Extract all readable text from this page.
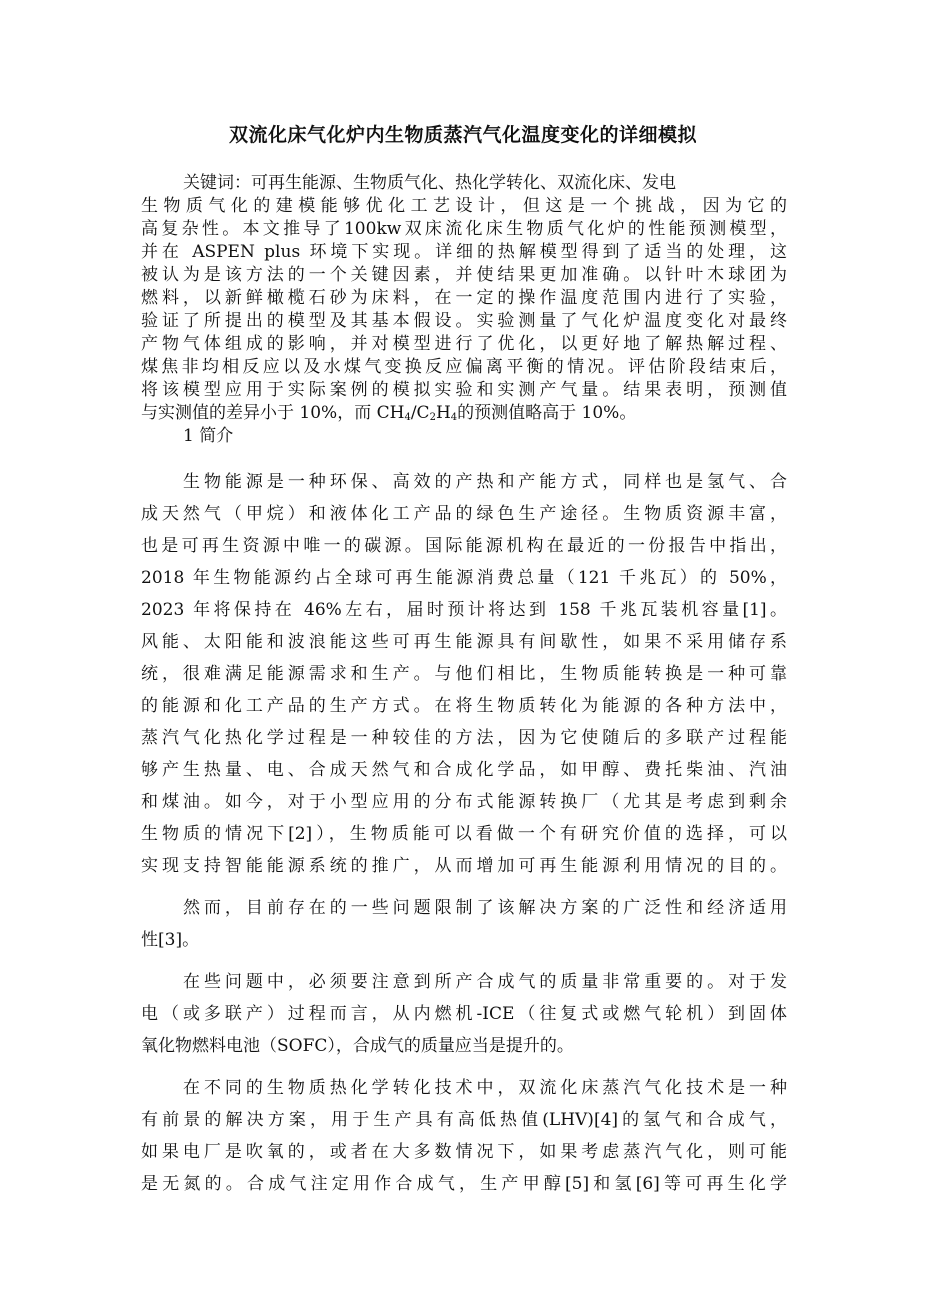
双流化床气化炉内生物质蒸汽气化温度变化的详细模拟
关键词：可再生能源、生物质气化、热化学转化、双流化床、发电
生物质气化的建模能够优化工艺设计，但这是一个挑战，因为它的
高复杂性。本文推导了100kw双床流化床生物质气化炉的性能预测模型，
并在 ASPEN plus 环境下实现。详细的热解模型得到了适当的处理，这
被认为是该方法的一个关键因素，并使结果更加准确。以针叶木球团为
燃料，以新鲜橄榄石砂为床料，在一定的操作温度范围内进行了实验，
验证了所提出的模型及其基本假设。实验测量了气化炉温度变化对最终
产物气体组成的影响，并对模型进行了优化，以更好地了解热解过程、
煤焦非均相反应以及水煤气变换反应偏离平衡的情况。评估阶段结束后，
将该模型应用于实际案例的模拟实验和实测产气量。结果表明，预测值
与实测值的差异小于 10%，而 $CH_4/C_2H_4$的预测值略高于 10%。
1 简介
生物能源是一种环保、高效的产热和产能方式，同样也是氢气、合
成天然气（甲烷）和液体化工产品的绿色生产途径。生物质资源丰富，
也是可再生资源中唯一的碳源。国际能源机构在最近的一份报告中指出，
2018 年生物能源约占全球可再生能源消费总量（121 千兆瓦）的 50%，
2023 年将保持在 46%左右，届时预计将达到 158 千兆瓦装机容量[1]。
风能、太阳能和波浪能这些可再生能源具有间歇性，如果不采用储存系
统，很难满足能源需求和生产。与他们相比，生物质能转换是一种可靠
的能源和化工产品的生产方式。在将生物质转化为能源的各种方法中，
蒸汽气化热化学过程是一种较佳的方法，因为它使随后的多联产过程能
够产生热量、电、合成天然气和合成化学品，如甲醇、费托柴油、汽油
和煤油。如今，对于小型应用的分布式能源转换厂（尤其是考虑到剩余
生物质的情况下[2]），生物质能可以看做一个有研究价值的选择，可以
实现支持智能能源系统的推广，从而增加可再生能源利用情况的目的。
然而，目前存在的一些问题限制了该解决方案的广泛性和经济适用
性[3]。
在些问题中，必须要注意到所产合成气的质量非常重要的。对于发
电（或多联产）过程而言，从内燃机-ICE（往复式或燃气轮机）到固体
氧化物燃料电池（SOFC），合成气的质量应当是提升的。
在不同的生物质热化学转化技术中，双流化床蒸汽气化技术是一种
有前景的解决方案，用于生产具有高低热值(LHV)[4]的氢气和合成气，
如果电厂是吹氧的，或者在大多数情况下，如果考虑蒸汽气化，则可能
是无氮的。合成气注定用作合成气，生产甲醇[5]和氢[6]等可再生化学
